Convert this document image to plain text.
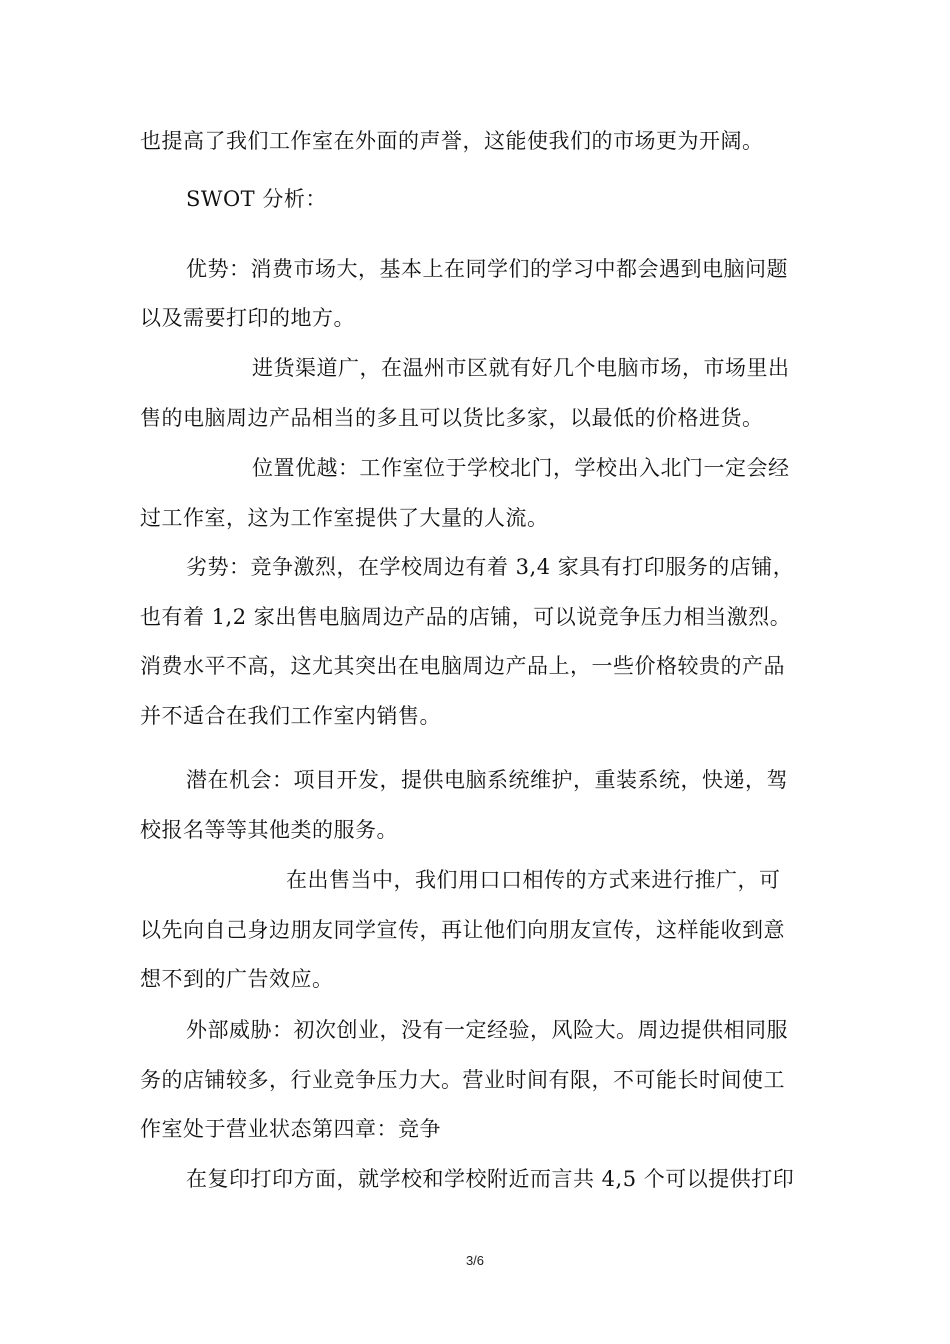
也提高了我们工作室在外面的声誉，这能使我们的市场更为开阔。
SWOT 分析：
优势：消费市场大，基本上在同学们的学习中都会遇到电脑问题
以及需要打印的地方。
进货渠道广，在温州市区就有好几个电脑市场，市场里出
售的电脑周边产品相当的多且可以货比多家，以最低的价格进货。
位置优越：工作室位于学校北门，学校出入北门一定会经
过工作室，这为工作室提供了大量的人流。
劣势：竞争激烈，在学校周边有着 3,4 家具有打印服务的店铺，
也有着 1,2 家出售电脑周边产品的店铺，可以说竞争压力相当激烈。
消费水平不高，这尤其突出在电脑周边产品上，一些价格较贵的产品
并不适合在我们工作室内销售。
潜在机会：项目开发，提供电脑系统维护，重装系统，快递，驾
校报名等等其他类的服务。
在出售当中，我们用口口相传的方式来进行推广，可
以先向自己身边朋友同学宣传，再让他们向朋友宣传，这样能收到意
想不到的广告效应。
外部威胁：初次创业，没有一定经验，风险大。周边提供相同服
务的店铺较多，行业竞争压力大。营业时间有限，不可能长时间使工
作室处于营业状态第四章：竞争
在复印打印方面，就学校和学校附近而言共 4,5 个可以提供打印
3/6
